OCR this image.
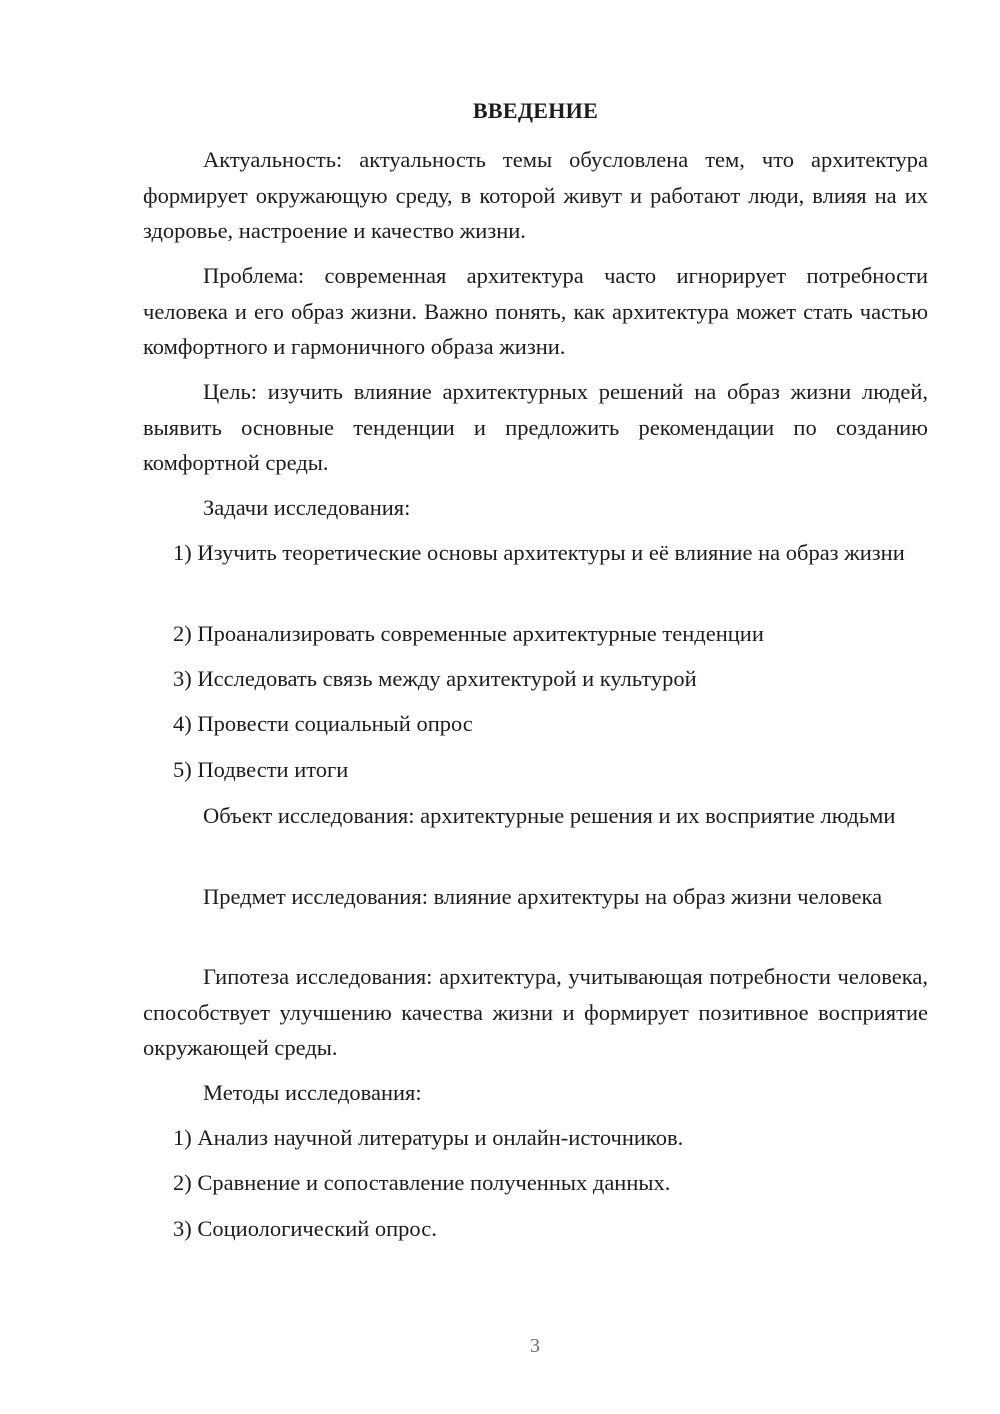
ВВЕДЕНИЕ

Актуальность: актуальность темы обусловлена тем, что архитектура формирует окружающую среду, в которой живут и работают люди, влияя на их здоровье, настроение и качество жизни.

Проблема: современная архитектура часто игнорирует потребности человека и его образ жизни. Важно понять, как архитектура может стать частью комфортного и гармоничного образа жизни.

Цель: изучить влияние архитектурных решений на образ жизни людей, выявить основные тенденции и предложить рекомендации по созданию комфортной среды.

Задачи исследования:

1) Изучить теоретические основы архитектуры и её влияние на образ жизни

2) Проанализировать современные архитектурные тенденции

3) Исследовать связь между архитектурой и культурой

4) Провести социальный опрос

5) Подвести итоги

Объект исследования: архитектурные решения и их восприятие людьми

Предмет исследования: влияние архитектуры на образ жизни человека

Гипотеза исследования: архитектура, учитывающая потребности человека, способствует улучшению качества жизни и формирует позитивное восприятие окружающей среды.

Методы исследования:

1) Анализ научной литературы и онлайн-источников.

2) Сравнение и сопоставление полученных данных.

3) Социологический опрос.

3
